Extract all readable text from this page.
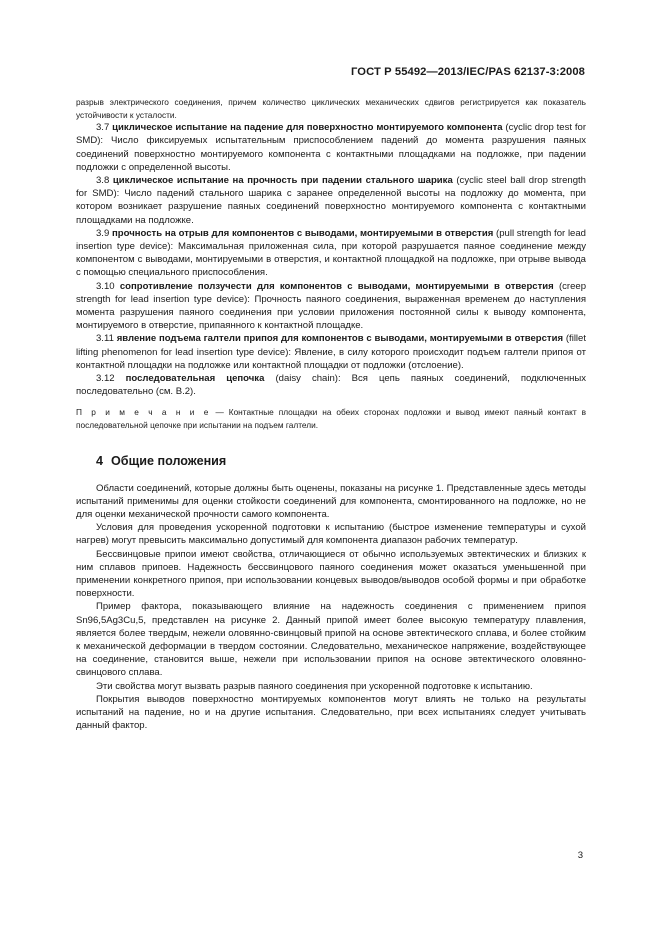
ГОСТ Р 55492—2013/IEC/PAS 62137-3:2008

разрыв электрического соединения, причем количество циклических механических сдвигов регистрируется как показатель устойчивости к усталости.

3.7 циклическое испытание на падение для поверхностно монтируемого компонента (cyclic drop test for SMD): Число фиксируемых испытательным приспособлением падений до момента разрушения паяных соединений поверхностно монтируемого компонента с контактными площадками на подложке, при падении подложки с определенной высоты.

3.8 циклическое испытание на прочность при падении стального шарика (cyclic steel ball drop strength for SMD): Число падений стального шарика с заранее определенной высоты на подложку до момента, при котором возникает разрушение паяных соединений поверхностно монтируемого компонента с контактными площадками на подложке.

3.9 прочность на отрыв для компонентов с выводами, монтируемыми в отверстия (pull strength for lead insertion type device): Максимальная приложенная сила, при которой разрушается паяное соединение между компонентом с выводами, монтируемыми в отверстия, и контактной площадкой на подложке, при отрыве вывода с помощью специального приспособления.

3.10 сопротивление ползучести для компонентов с выводами, монтируемыми в отверстия (creep strength for lead insertion type device): Прочность паяного соединения, выраженная временем до наступления момента разрушения паяного соединения при условии приложения постоянной силы к выводу компонента, монтируемого в отверстие, припаянного к контактной площадке.

3.11 явление подъема галтели припоя для компонентов с выводами, монтируемыми в отверстия (fillet lifting phenomenon for lead insertion type device): Явление, в силу которого происходит подъем галтели припоя от контактной площадки на подложке или контактной площадки от подложки (отслоение).

3.12 последовательная цепочка (daisy chain): Вся цепь паяных соединений, подключенных последовательно (см. В.2).

П р и м е ч а н и е — Контактные площадки на обеих сторонах подложки и вывод имеют паяный контакт в последовательной цепочке при испытании на подъем галтели.

4 Общие положения

Области соединений, которые должны быть оценены, показаны на рисунке 1. Представленные здесь методы испытаний применимы для оценки стойкости соединений для компонента, смонтированного на подложке, но не для оценки механической прочности самого компонента.

Условия для проведения ускоренной подготовки к испытанию (быстрое изменение температуры и сухой нагрев) могут превысить максимально допустимый для компонента диапазон рабочих температур.

Бессвинцовые припои имеют свойства, отличающиеся от обычно используемых эвтектических и близких к ним сплавов припоев. Надежность бессвинцового паяного соединения может оказаться уменьшенной при применении конкретного припоя, при использовании концевых выводов/выводов особой формы и при обработке поверхности.

Пример фактора, показывающего влияние на надежность соединения с применением припоя Sn96,5Ag3Cu,5, представлен на рисунке 2. Данный припой имеет более высокую температуру плавления, является более твердым, нежели оловянно-свинцовый припой на основе эвтектического сплава, и более стойким к механической деформации в твердом состоянии. Следовательно, механическое напряжение, воздействующее на соединение, становится выше, нежели при использовании припоя на основе эвтектического оловянно-свинцового сплава.

Эти свойства могут вызвать разрыв паяного соединения при ускоренной подготовке к испытанию.

Покрытия выводов поверхностно монтируемых компонентов могут влиять не только на результаты испытаний на падение, но и на другие испытания. Следовательно, при всех испытаниях следует учитывать данный фактор.

3
